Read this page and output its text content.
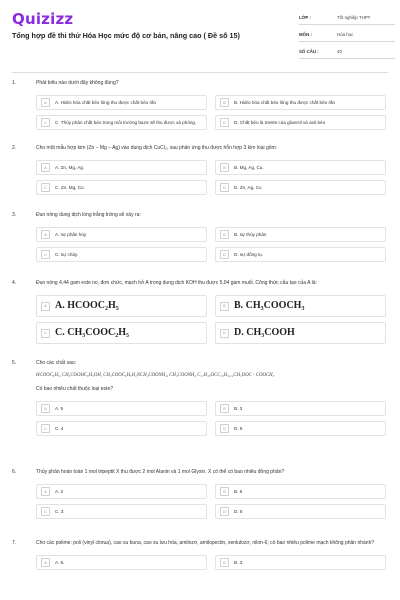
Quizizz
Tổng hợp đề thi thử Hóa Học mức độ cơ bản, nâng cao ( Đề số 15)
LỚP :	Tốt nghiệp THPT
MÔN :	Hóa học
SỐ CÂU :	40
1.	Phát biểu nào dưới đây không đúng?
A	A. Hidro hóa chất béo lỏng thu được chất béo rắn	B	B. Hidro hóa chất béo lỏng thu được chất béo rắn
C	C. Thủy phân chất béo trong môi trường bazơ sẽ thu được xà phòng.	D	D. Chất béo là trieste của glixerol và axit béo
2.	Cho một mẫu hợp kim (Zn – Mg – Ag) vào dung dịch CuCl₂, sau phản ứng thu được hỗn hợp 3 kim loại gồm:
A	A. Zn, Mg, Ag.	B	B. Mg, Ag, Cu.
C	C. Zn, Mg, Cu.	D	D. Zn, Ag, Cu
3.	Đun nóng dung dịch lòng trắng trứng sẽ xảy ra:
A	A. sự phân hủy	B	B. sự thủy phân
C	C. sự cháy.	D	D. sự đông tụ.
4.	Đun nóng 4,44 gam este no, đơn chức, mạch hở A trong dung dịch KOH thu được 5,04 gam muối. Công thức cấu tạo của A là:
A A. HCOOC₂H₅	B B. CH₃COOCH₃
C C. CH₃COOC₂H₅	D D. CH₃COOH
5.	Cho các chất sau:
HCOOC₆H₅, CH₃COOHC₆H₅OH, CH₃COOC₆H₅H₂NCH₂COONH₄, CH₃COONH₄ C₁₇H₃₅OCC₁₅H₃₁,₂CH₃OOC - COOCH₃
Có bao nhiêu chất thuộc loại este?
A	A. 5	B	B. 3
C	C. 4	D	D. 6
6.	Thủy phân hoàn toàn 1 mol tripeptit X thu được 2 mol Alanin và 1 mol Glyxin. X có thể có bao nhiêu đồng phân?
A	A. 2	B	B. 6
C	C. 3	D	D. 5
7.	Cho các polime: poli (vinyl clorua), cao su buna, cao su lưu hóa, amilozơ, amilopectin, xenlulozơ, nilon-6; có bao nhiêu polime mạch không phân nhánh?
A	A. 6.	B	B. 3.
